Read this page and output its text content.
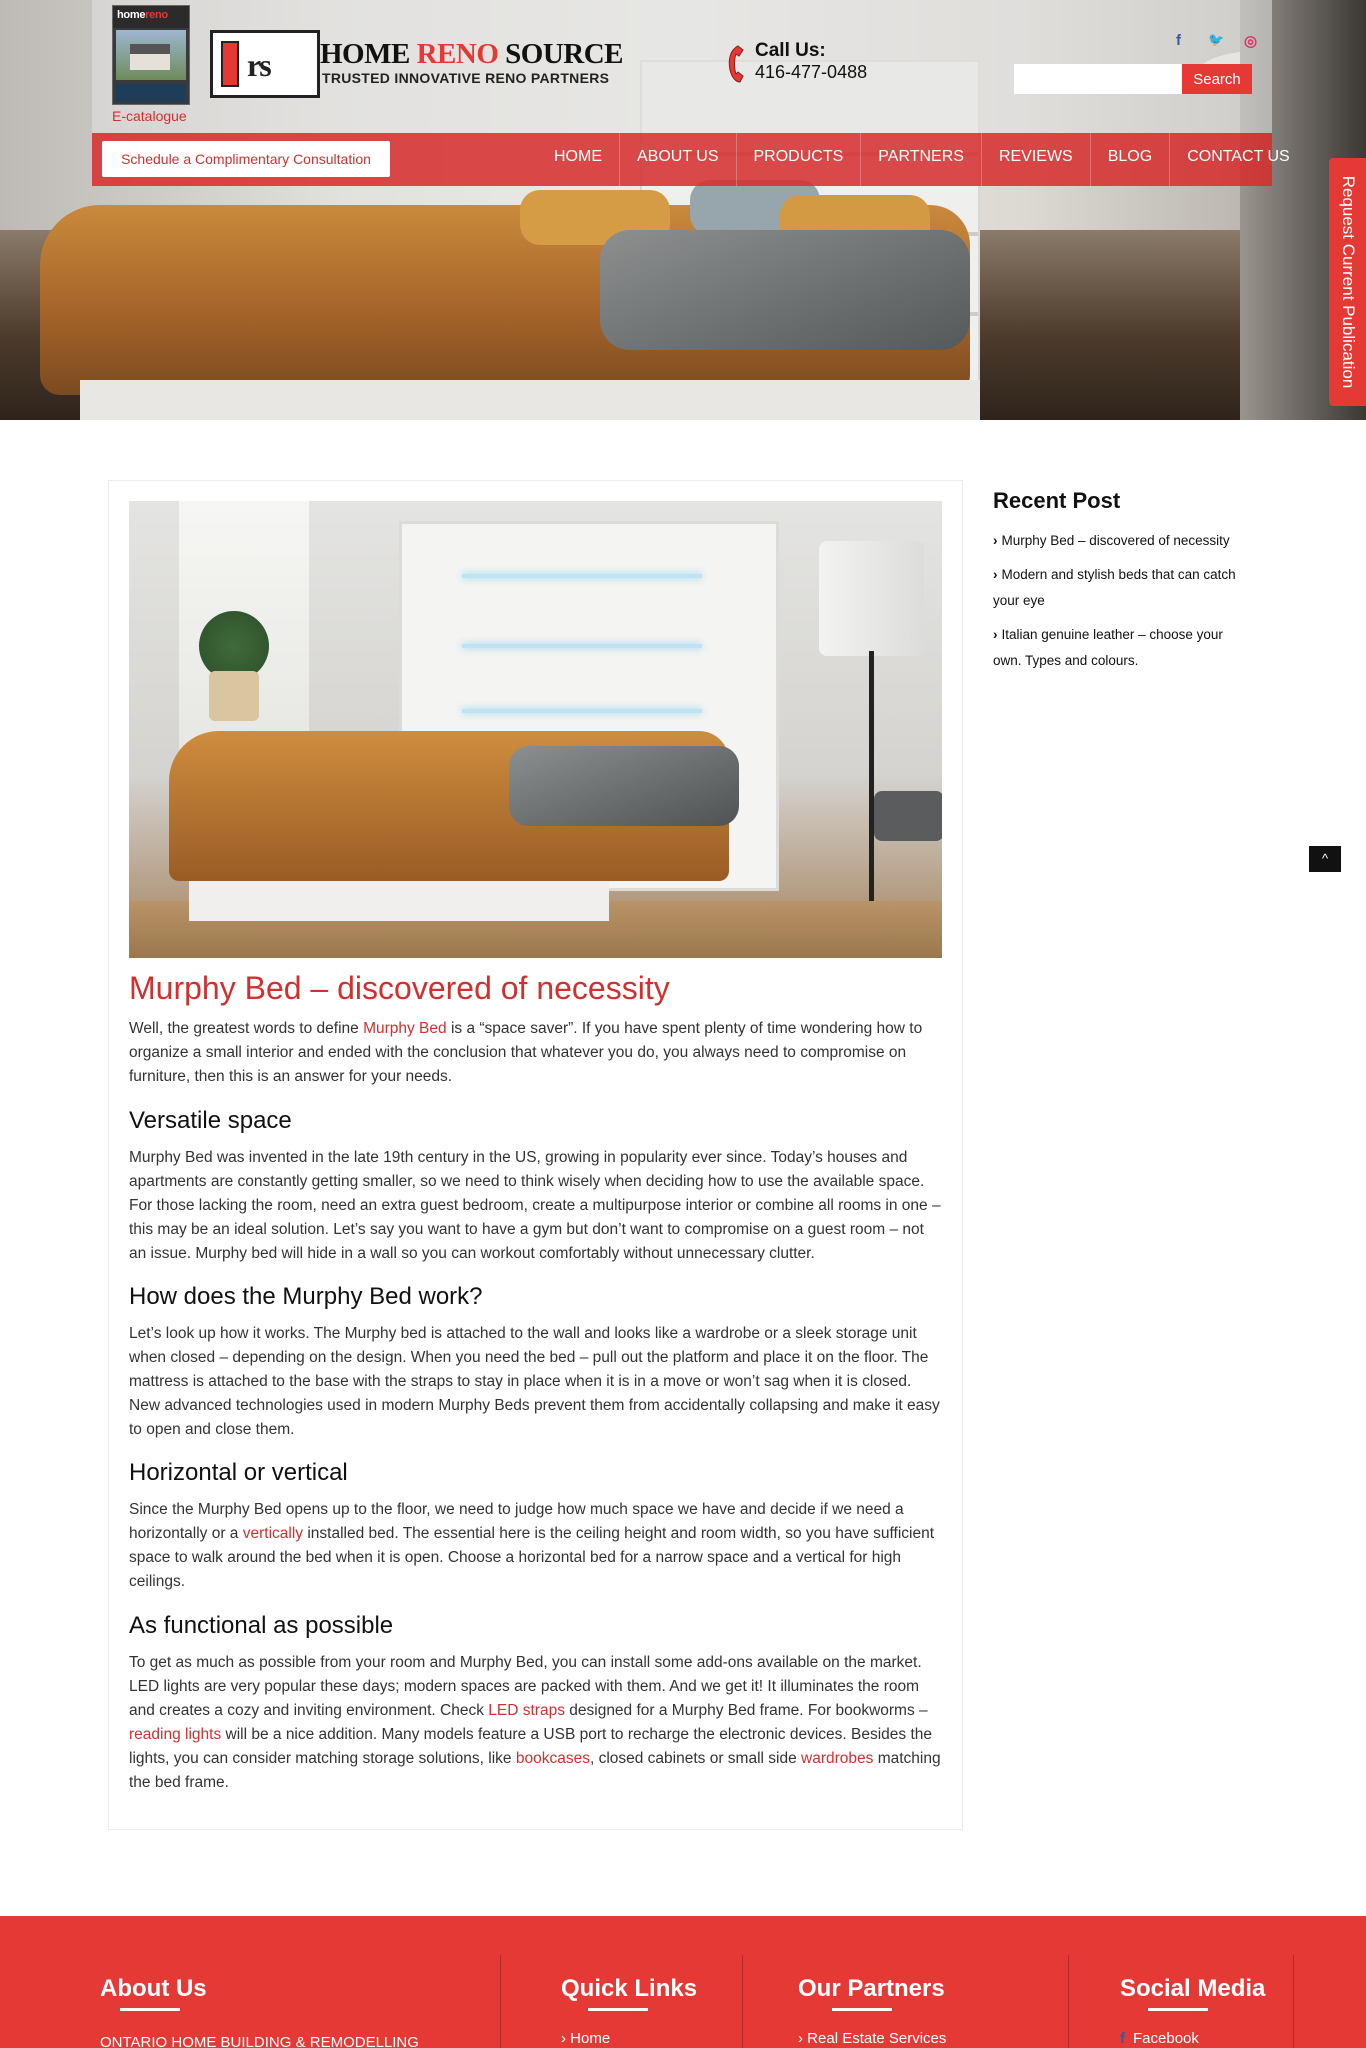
homereno
E-catalogue
rs HOME RENO SOURCE
TRUSTED INNOVATIVE RENO PARTNERS
Call Us:
416-477-0488
f 🐦 ◎
Search
Schedule a Complimentary Consultation	HOME	ABOUT US	PRODUCTS	PARTNERS	REVIEWS	BLOG	CONTACT US
Request Current Publication
Murphy Bed – discovered of necessity

Well, the greatest words to define Murphy Bed is a “space saver”. If you have spent plenty of time wondering how to organize a small interior and ended with the conclusion that whatever you do, you always need to compromise on furniture, then this is an answer for your needs.

Versatile space

Murphy Bed was invented in the late 19th century in the US, growing in popularity ever since. Today’s houses and apartments are constantly getting smaller, so we need to think wisely when deciding how to use the available space. For those lacking the room, need an extra guest bedroom, create a multipurpose interior or combine all rooms in one – this may be an ideal solution. Let’s say you want to have a gym but don’t want to compromise on a guest room – not an issue. Murphy bed will hide in a wall so you can workout comfortably without unnecessary clutter.

How does the Murphy Bed work?

Let’s look up how it works. The Murphy bed is attached to the wall and looks like a wardrobe or a sleek storage unit when closed – depending on the design. When you need the bed – pull out the platform and place it on the floor. The mattress is attached to the base with the straps to stay in place when it is in a move or won’t sag when it is closed. New advanced technologies used in modern Murphy Beds prevent them from accidentally collapsing and make it easy to open and close them.

Horizontal or vertical

Since the Murphy Bed opens up to the floor, we need to judge how much space we have and decide if we need a horizontally or a vertically installed bed. The essential here is the ceiling height and room width, so you have sufficient space to walk around the bed when it is open. Choose a horizontal bed for a narrow space and a vertical for high ceilings.

As functional as possible

To get as much as possible from your room and Murphy Bed, you can install some add-ons available on the market. LED lights are very popular these days; modern spaces are packed with them. And we get it! It illuminates the room and creates a cozy and inviting environment. Check LED straps designed for a Murphy Bed frame. For bookworms – reading lights will be a nice addition. Many models feature a USB port to recharge the electronic devices. Besides the lights, you can consider matching storage solutions, like bookcases, closed cabinets or small side wardrobes matching the bed frame.

Recent Post
› Murphy Bed – discovered of necessity
› Modern and stylish beds that can catch your eye
› Italian genuine leather – choose your own. Types and colours.
^
About Us
ONTARIO HOME BUILDING & REMODELLING
Quick Links
› Home
Our Partners
› Real Estate Services
Social Media
f Facebook
